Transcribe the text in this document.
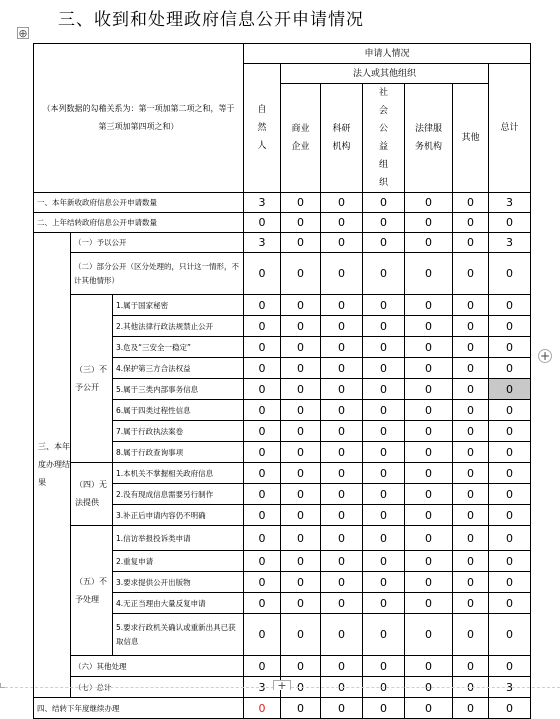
三、收到和处理政府信息公开申请情况
⊕
（本列数据的勾稽关系为：第一项加第二项之和，等于第三项加第四项之和）			申请人情况						
			自然人	法人或其他组织					总计
				商业企业	科研机构	社会公益组织	法律服务机构	其他	
一、本年新收政府信息公开申请数量			3	0	0	0	0	0	3
二、上年结转政府信息公开申请数量			0	0	0	0	0	0	0
三、本年度办理结果	（一）予以公开		3	0	0	0	0	0	3
	（二）部分公开（区分处理的，只计这一情形，不计其他情形）		0	0	0	0	0	0	0
	（三）不予公开	1.属于国家秘密	0	0	0	0	0	0	0
		2.其他法律行政法规禁止公开	0	0	0	0	0	0	0
		3.危及“三安全一稳定”	0	0	0	0	0	0	0
		4.保护第三方合法权益	0	0	0	0	0	0	0
		5.属于三类内部事务信息	0	0	0	0	0	0	0
		6.属于四类过程性信息	0	0	0	0	0	0	0
		7.属于行政执法案卷	0	0	0	0	0	0	0
		8.属于行政查询事项	0	0	0	0	0	0	0
	（四）无法提供	1.本机关不掌握相关政府信息	0	0	0	0	0	0	0
		2.没有现成信息需要另行制作	0	0	0	0	0	0	0
		3.补正后申请内容仍不明确	0	0	0	0	0	0	0
	（五）不予处理	1.信访举报投诉类申请	0	0	0	0	0	0	0
		2.重复申请	0	0	0	0	0	0	0
		3.要求提供公开出版物	0	0	0	0	0	0	0
		4.无正当理由大量反复申请	0	0	0	0	0	0	0
		5.要求行政机关确认或重新出具已获取信息	0	0	0	0	0	0	0
	（六）其他处理		0	0	0	0	0	0	0
	（七）总计		3	0	0	0	0	0	3
四、结转下年度继续办理			0	0	0	0	0	0	0
+
+
